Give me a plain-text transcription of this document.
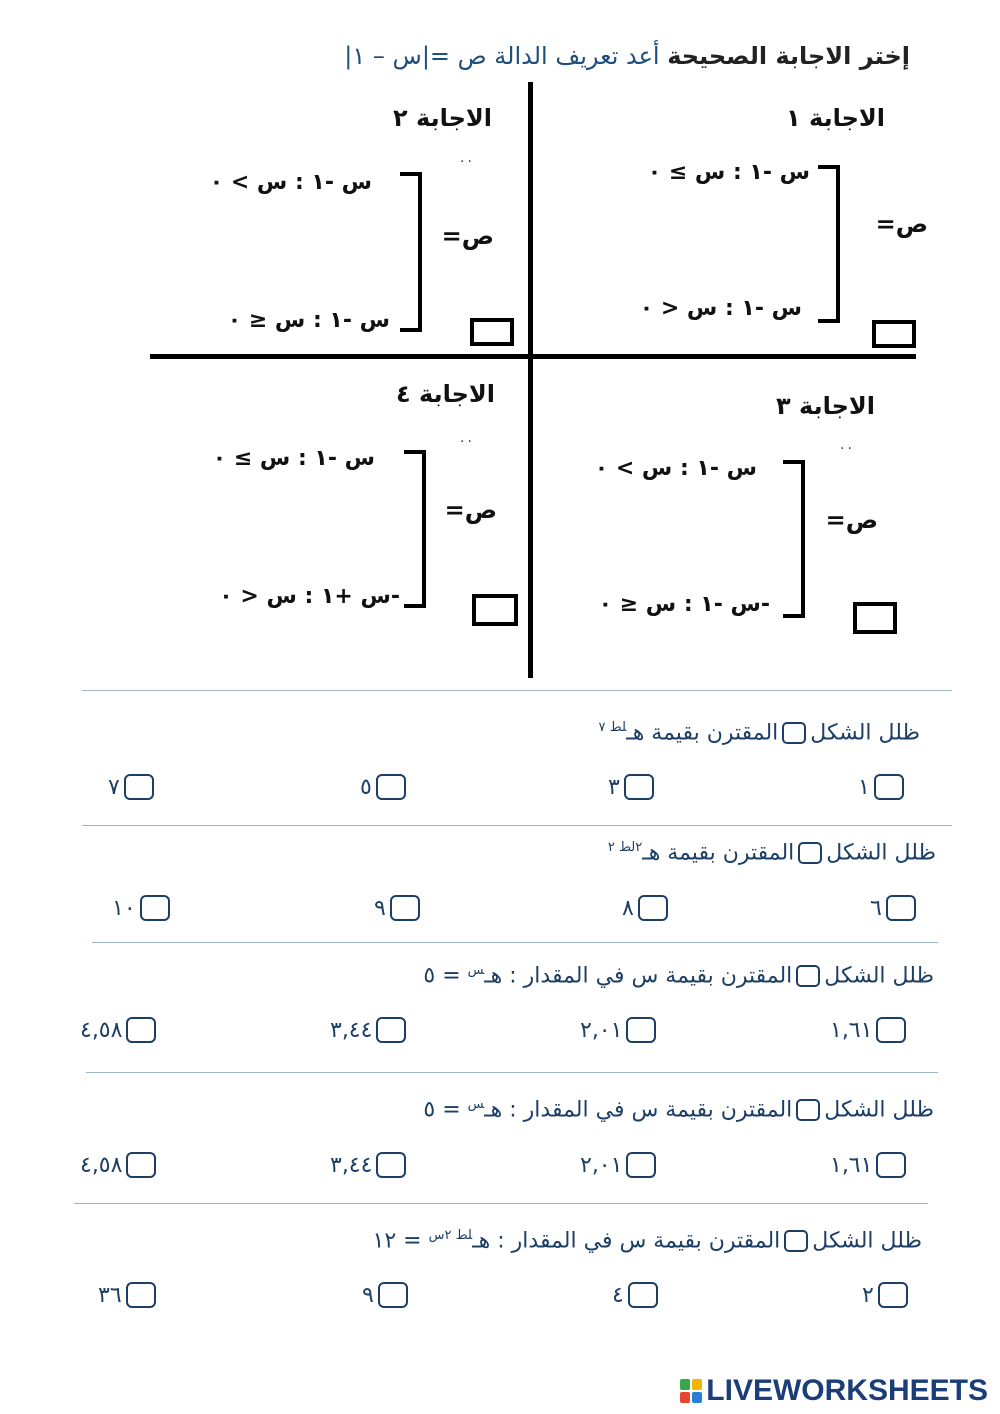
إختر الاجابة الصحيحة أعد تعريف الدالة ص =|س – ١|
الاجابة ١
ص=
س -١ : س ≥ ٠
س -١ : س < ٠
الاجابة ٢
..
ص=
س -١ : س > ٠
س -١ : س ≤ ٠
الاجابة ٣
..
ص=
س -١ : س > ٠
-س -١ : س ≤ ٠
الاجابة ٤
..
ص=
س -١ : س ≥ ٠
-س +١ : س < ٠
ظلل الشكلالمقترن بقيمة هـ$^{لط ٧}$
١
٣
٥
٧
ظلل الشكلالمقترن بقيمة هـ$^{٢لط ٢}$
٦
٨
٩
١٠
ظلل الشكلالمقترن بقيمة س في المقدار : هـ$^س$ = ٥
١,٦١
٢,٠١
٣,٤٤
٤,٥٨
ظلل الشكلالمقترن بقيمة س في المقدار : هـ$^س$ = ٥
١,٦١
٢,٠١
٣,٤٤
٤,٥٨
ظلل الشكلالمقترن بقيمة س في المقدار : هـ$^{لط ٢س}$ = ١٢
٢
٤
٩
٣٦
LIVEWORKSHEETS
